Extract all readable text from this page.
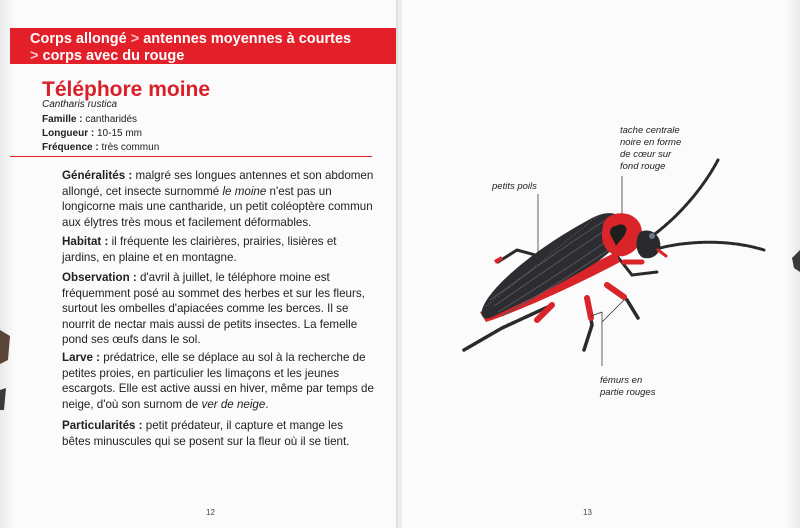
Corps allongé > antennes moyennes à courtes
> corps avec du rouge
Téléphore moine
Cantharis rustica
Famille : cantharidés
Longueur : 10-15 mm
Fréquence : très commun

Généralités : malgré ses longues antennes et son abdomen allongé, cet insecte surnommé le moine n'est pas un longicorne mais une cantharide, un petit coléoptère commun aux élytres très mous et facilement déformables.

Habitat : il fréquente les clairières, prairies, lisières et jardins, en plaine et en montagne.

Observation : d'avril à juillet, le téléphore moine est fréquemment posé au sommet des herbes et sur les fleurs, surtout les ombelles d'apiacées comme les berces. Il se nourrit de nectar mais aussi de petits insectes. La femelle pond ses œufs dans le sol.

Larve : prédatrice, elle se déplace au sol à la recherche de petites proies, en particulier les limaçons et les jeunes escargots. Elle est active aussi en hiver, même par temps de neige, d'où son surnom de ver de neige.

Particularités : petit prédateur, il capture et mange les bêtes minuscules qui se posent sur la fleur où il se tient.

12
tache centrale
noire en forme
de cœur sur
fond rouge
petits poils
fémurs en
partie rouges
13
